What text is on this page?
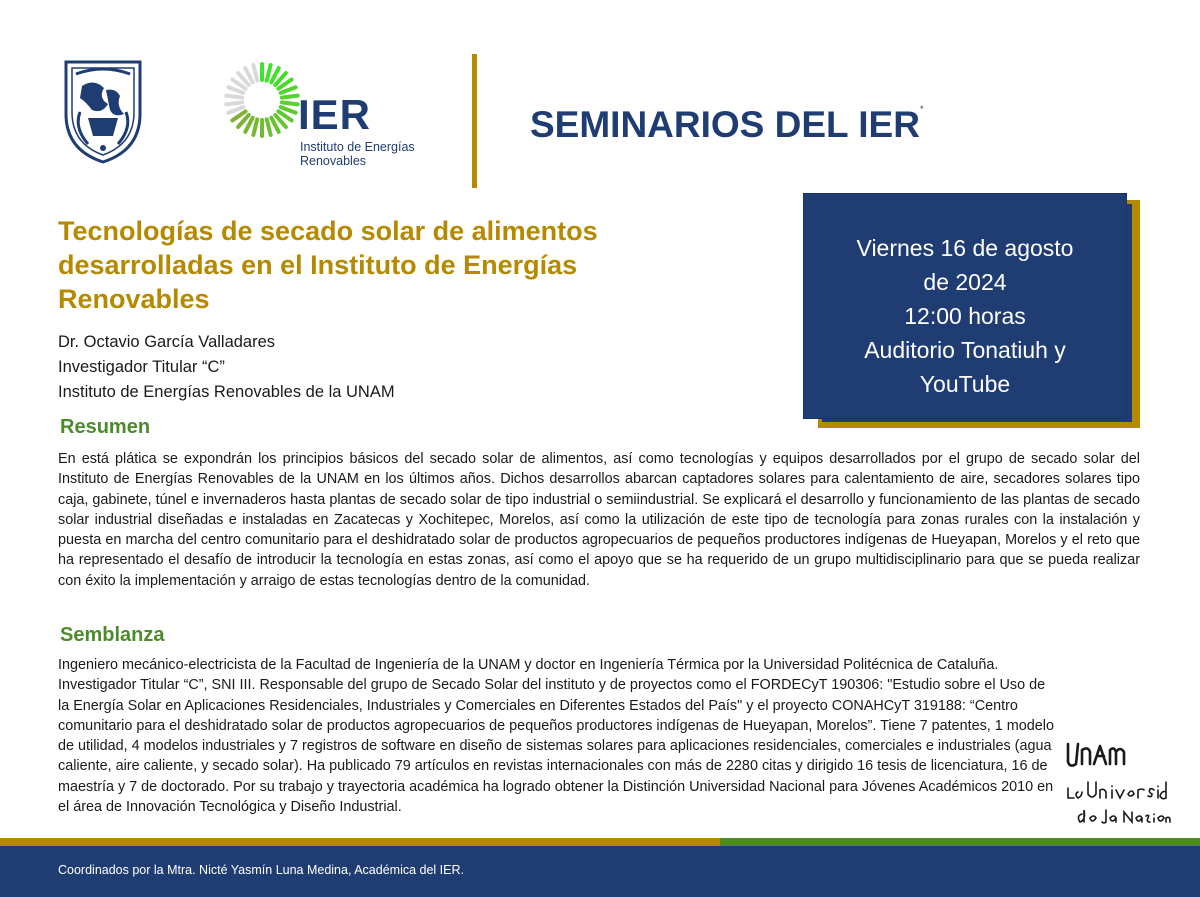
IER
Instituto de Energías
Renovables
SEMINARIOS DEL IER*
Tecnologías de secado solar de alimentos
desarrolladas en el Instituto de Energías
Renovables
Dr. Octavio García Valladares
Investigador Titular “C”
Instituto de Energías Renovables de la UNAM
Viernes 16 de agosto
de 2024
12:00 horas
Auditorio Tonatiuh y
YouTube
Resumen
En está plática se expondrán los principios básicos del secado solar de alimentos, así como tecnologías y equipos desarrollados por el grupo de secado solar del Instituto de Energías Renovables de la UNAM en los últimos años. Dichos desarrollos abarcan captadores solares para calentamiento de aire, secadores solares tipo caja, gabinete, túnel e invernaderos hasta plantas de secado solar de tipo industrial o semiindustrial. Se explicará el desarrollo y funcionamiento de las plantas de secado solar industrial diseñadas e instaladas en Zacatecas y Xochitepec, Morelos, así como la utilización de este tipo de tecnología para zonas rurales con la instalación y puesta en marcha del centro comunitario para el deshidratado solar de productos agropecuarios de pequeños productores indígenas de Hueyapan, Morelos y el reto que ha representado el desafío de introducir la tecnología en estas zonas, así como el apoyo que se ha requerido de un grupo multidisciplinario para que se pueda realizar con éxito la implementación y arraigo de estas tecnologías dentro de la comunidad.
Semblanza
Ingeniero mecánico-electricista de la Facultad de Ingeniería de la UNAM y doctor en Ingeniería Térmica por la Universidad Politécnica de Cataluña. Investigador Titular “C”, SNI III. Responsable del grupo de Secado Solar del instituto y de proyectos como el FORDECyT 190306: "Estudio sobre el Uso de la Energía Solar en Aplicaciones Residenciales, Industriales y Comerciales en Diferentes Estados del País" y el proyecto CONAHCyT 319188: “Centro comunitario para el deshidratado solar de productos agropecuarios de pequeños productores indígenas de Hueyapan, Morelos”. Tiene 7 patentes, 1 modelo de utilidad, 4 modelos industriales y 7 registros de software en diseño de sistemas solares para aplicaciones residenciales, comerciales e industriales (agua caliente, aire caliente, y secado solar). Ha publicado 79 artículos en revistas internacionales con más de 2280 citas y dirigido 16 tesis de licenciatura, 16 de maestría y 7 de doctorado. Por su trabajo y trayectoria académica ha logrado obtener la Distinción Universidad Nacional para Jóvenes Académicos 2010 en el área de Innovación Tecnológica y Diseño Industrial.
Coordinados por la Mtra. Nicté Yasmín Luna Medina, Académica del IER.
